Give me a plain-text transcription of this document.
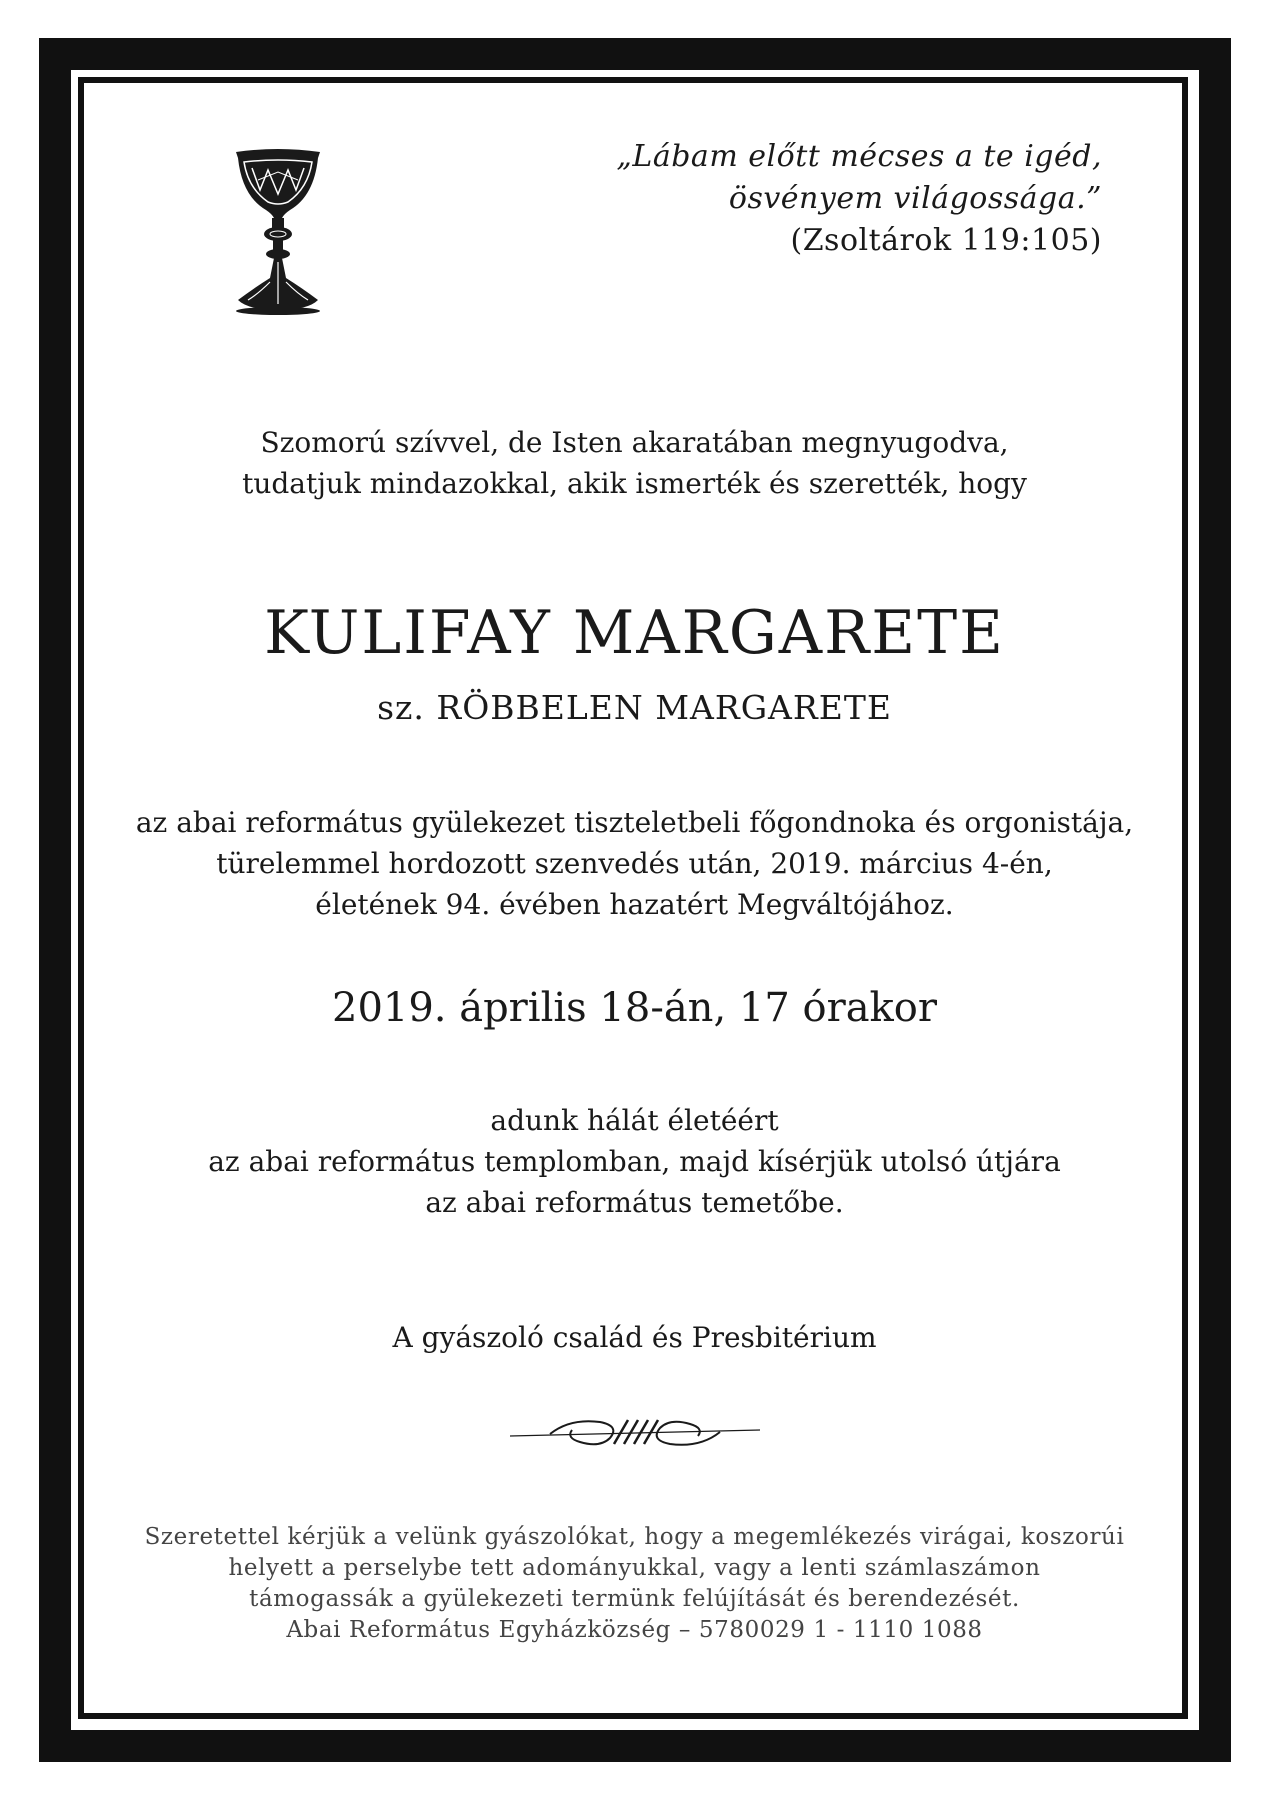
„Lábam előtt mécses a te igéd,
ösvényem világossága.”
(Zsoltárok 119:105)
Szomorú szívvel, de Isten akaratában megnyugodva,
tudatjuk mindazokkal, akik ismerték és szerették, hogy
KULIFAY MARGARETE
sz. RÖBBELEN MARGARETE
az abai református gyülekezet tiszteletbeli főgondnoka és orgonistája,
türelemmel hordozott szenvedés után, 2019. március 4-én,
életének 94. évében hazatért Megváltójához.
2019. április 18-án, 17 órakor
adunk hálát életéért
az abai református templomban, majd kísérjük utolsó útjára
az abai református temetőbe.
A gyászoló család és Presbitérium
Szeretettel kérjük a velünk gyászolókat, hogy a megemlékezés virágai, koszorúi
helyett a perselybe tett adományukkal, vagy a lenti számlaszámon
támogassák a gyülekezeti termünk felújítását és berendezését.
Abai Református Egyházközség – 5780029 1 - 1110 1088
